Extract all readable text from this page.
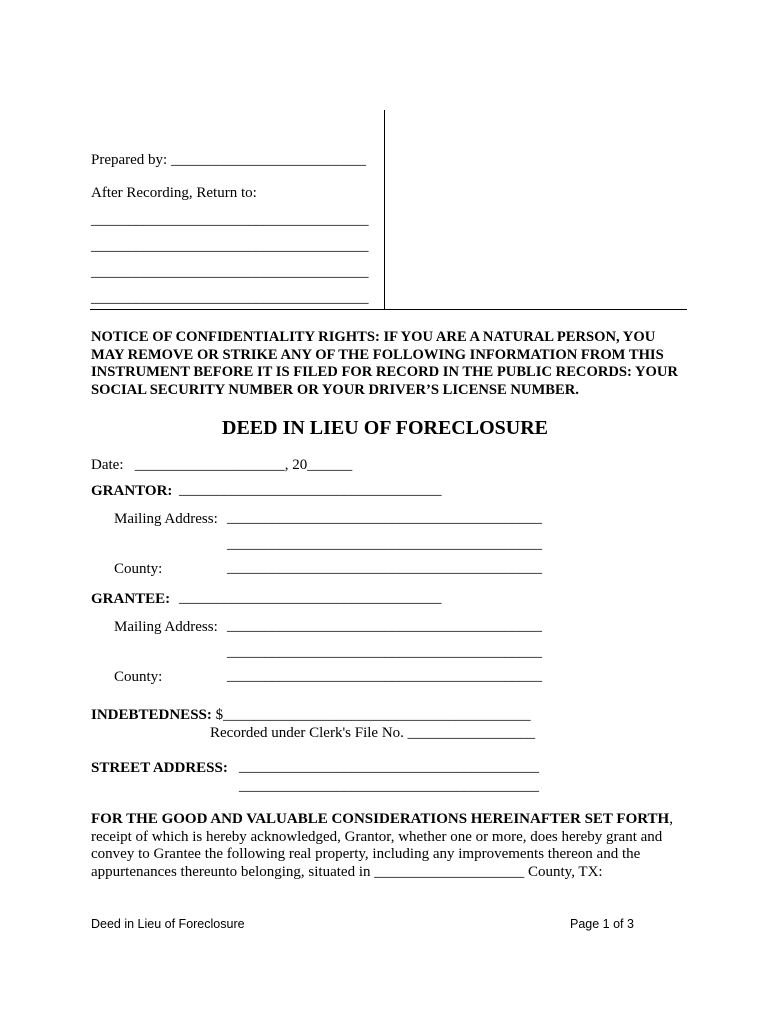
Prepared by: __________________________
After Recording, Return to:
_____________________________________
_____________________________________
_____________________________________
_____________________________________
NOTICE OF CONFIDENTIALITY RIGHTS: IF YOU ARE A NATURAL PERSON, YOU MAY REMOVE OR STRIKE ANY OF THE FOLLOWING INFORMATION FROM THIS INSTRUMENT BEFORE IT IS FILED FOR RECORD IN THE PUBLIC RECORDS: YOUR SOCIAL SECURITY NUMBER OR YOUR DRIVER’S LICENSE NUMBER.
DEED IN LIEU OF FORECLOSURE
Date:   ____________________, 20______
GRANTOR: ___________________________________
Mailing Address: __________________________________________
__________________________________________
County:	__________________________________________
GRANTEE: ___________________________________
Mailing Address: __________________________________________
__________________________________________
County:	__________________________________________
INDEBTEDNESS: $_________________________________________
Recorded under Clerk's File No. _________________
STREET ADDRESS: ________________________________________
________________________________________
FOR THE GOOD AND VALUABLE CONSIDERATIONS HEREINAFTER SET FORTH, receipt of which is hereby acknowledged, Grantor, whether one or more, does hereby grant and convey to Grantee the following real property, including any improvements thereon and the appurtenances thereunto belonging, situated in ____________________ County, TX:
Deed in Lieu of Foreclosure	Page 1 of 3
